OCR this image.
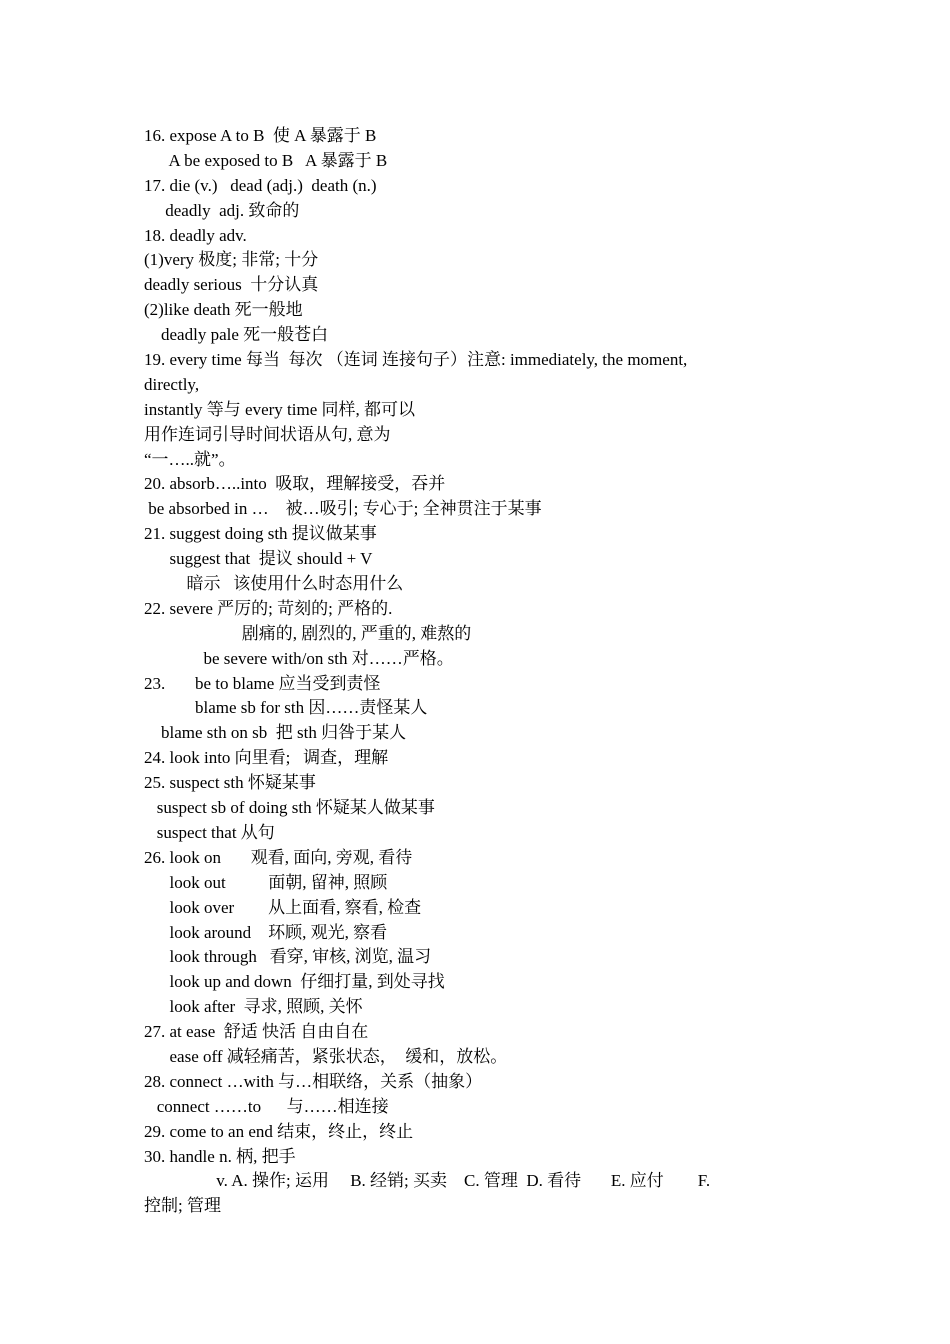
16. expose A to B  使 A 暴露于 B
A be exposed to B   A 暴露于 B
17. die (v.)   dead (adj.)  death (n.)
deadly  adj. 致命的
18. deadly adv.
(1)very 极度; 非常; 十分
deadly serious  十分认真
(2)like death 死一般地
deadly pale 死一般苍白
19. every time 每当  每次 （连词 连接句子）注意: immediately, the moment,
directly,
instantly 等与 every time 同样, 都可以
用作连词引导时间状语从句, 意为
“一…..就”。
20. absorb…..into  吸取，理解接受，吞并
be absorbed in …    被…吸引; 专心于; 全神贯注于某事
21. suggest doing sth 提议做某事
suggest that  提议 should + V
暗示   该使用什么时态用什么
22. severe 严厉的; 苛刻的; 严格的.
剧痛的, 剧烈的, 严重的, 难熬的
be severe with/on sth 对……严格。
23.       be to blame 应当受到责怪
blame sb for sth 因……责怪某人
blame sth on sb  把 sth 归咎于某人
24. look into 向里看;   调查，理解
25. suspect sth 怀疑某事
suspect sb of doing sth 怀疑某人做某事
suspect that 从句
26. look on       观看, 面向, 旁观, 看待
look out          面朝, 留神, 照顾
look over        从上面看, 察看, 检查
look around    环顾, 观光, 察看
look through   看穿, 审核, 浏览, 温习
look up and down  仔细打量, 到处寻找
look after  寻求, 照顾, 关怀
27. at ease  舒适 快活 自由自在
ease off 减轻痛苦，紧张状态，  缓和，放松。
28. connect …with 与…相联络，关系（抽象）
connect ……to      与……相连接
29. come to an end 结束，终止，终止
30. handle n. 柄, 把手
v. A. 操作; 运用     B. 经销; 买卖    C. 管理  D. 看待       E. 应付        F.
控制; 管理
